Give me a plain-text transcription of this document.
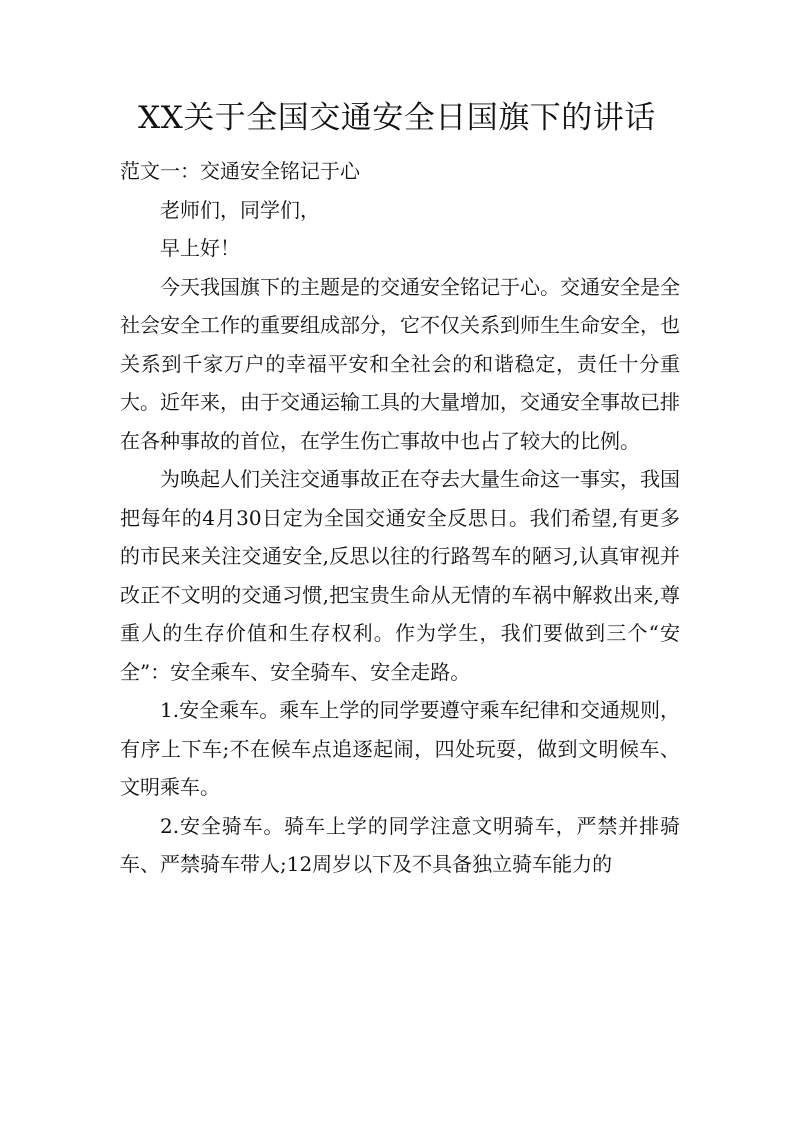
XX关于全国交通安全日国旗下的讲话

范文一：交通安全铭记于心

老师们，同学们，

早上好！

今天我国旗下的主题是的交通安全铭记于心。交通安全是全社会安全工作的重要组成部分，它不仅关系到师生生命安全，也关系到千家万户的幸福平安和全社会的和谐稳定，责任十分重大。近年来，由于交通运输工具的大量增加，交通安全事故已排在各种事故的首位，在学生伤亡事故中也占了较大的比例。

为唤起人们关注交通事故正在夺去大量生命这一事实，我国把每年的4月30日定为全国交通安全反思日。我们希望,有更多的市民来关注交通安全,反思以往的行路驾车的陋习,认真审视并改正不文明的交通习惯,把宝贵生命从无情的车祸中解救出来,尊重人的生存价值和生存权利。作为学生，我们要做到三个“安全”：安全乘车、安全骑车、安全走路。

1.安全乘车。乘车上学的同学要遵守乘车纪律和交通规则，有序上下车;不在候车点追逐起闹，四处玩耍，做到文明候车、文明乘车。

2.安全骑车。骑车上学的同学注意文明骑车，严禁并排骑车、严禁骑车带人;12周岁以下及不具备独立骑车能力的
